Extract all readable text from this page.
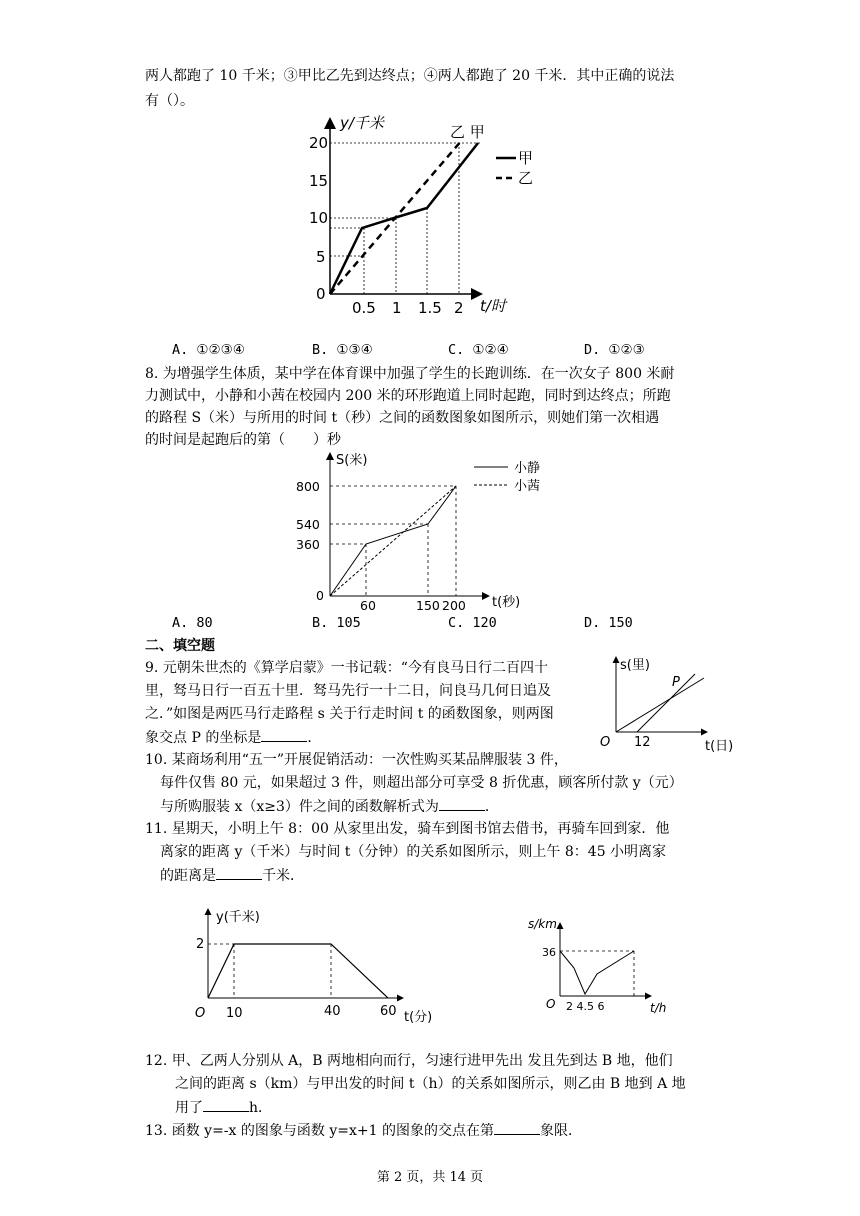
两人都跑了 10 千米；③甲比乙先到达终点；④两人都跑了 20 千米．其中正确的说法
有（）。
y/千米
t/时
0
5
10
15
20
0.5 1 1.5 2
乙 甲
甲
乙
A. ①②③④	B. ①③④	C. ①②④	D. ①②③
8. 为增强学生体质，某中学在体育课中加强了学生的长跑训练．在一次女子 800 米耐
力测试中，小静和小茜在校园内 200 米的环形跑道上同时起跑，同时到达终点；所跑
的路程 S（米）与所用的时间 t（秒）之间的函数图象如图所示，则她们第一次相遇
的时间是起跑后的第（　　）秒
S(米)
t(秒)
800
540
360
0
60	150 200
小静
小茜
A. 80	B. 105	C. 120	D. 150
二、填空题
9. 元朝朱世杰的《算学启蒙》一书记载：“今有良马日行二百四十
里，驽马日行一百五十里．驽马先行一十二日，问良马几何日追及
之．”如图是两匹马行走路程 s 关于行走时间 t 的函数图象，则两图
象交点 P 的坐标是	．
s(里)
t(日)
O 12
P
10. 某商场利用“五一”开展促销活动：一次性购买某品牌服装 3 件，
每件仅售 80 元，如果超过 3 件，则超出部分可享受 8 折优惠，顾客所付款 y（元）
与所购服装 x（x≥3）件之间的函数解析式为	．
11. 星期天，小明上午 8：00 从家里出发，骑车到图书馆去借书，再骑车回到家．他
离家的距离 y（千米）与时间 t（分钟）的关系如图所示，则上午 8：45 小明离家
的距离是	千米．
y(千米)
t(分)
O
2
10	40	60
s/km
t/h
O
36
2 4.5 6
12. 甲、乙两人分别从 A，B 两地相向而行，匀速行进甲先出 发且先到达 B 地，他们
之间的距离 s（km）与甲出发的时间 t（h）的关系如图所示，则乙由 B 地到 A 地
用了	h．
13. 函数 y=-x 的图象与函数 y=x+1 的图象的交点在第	象限．
第 2 页，共 14 页
